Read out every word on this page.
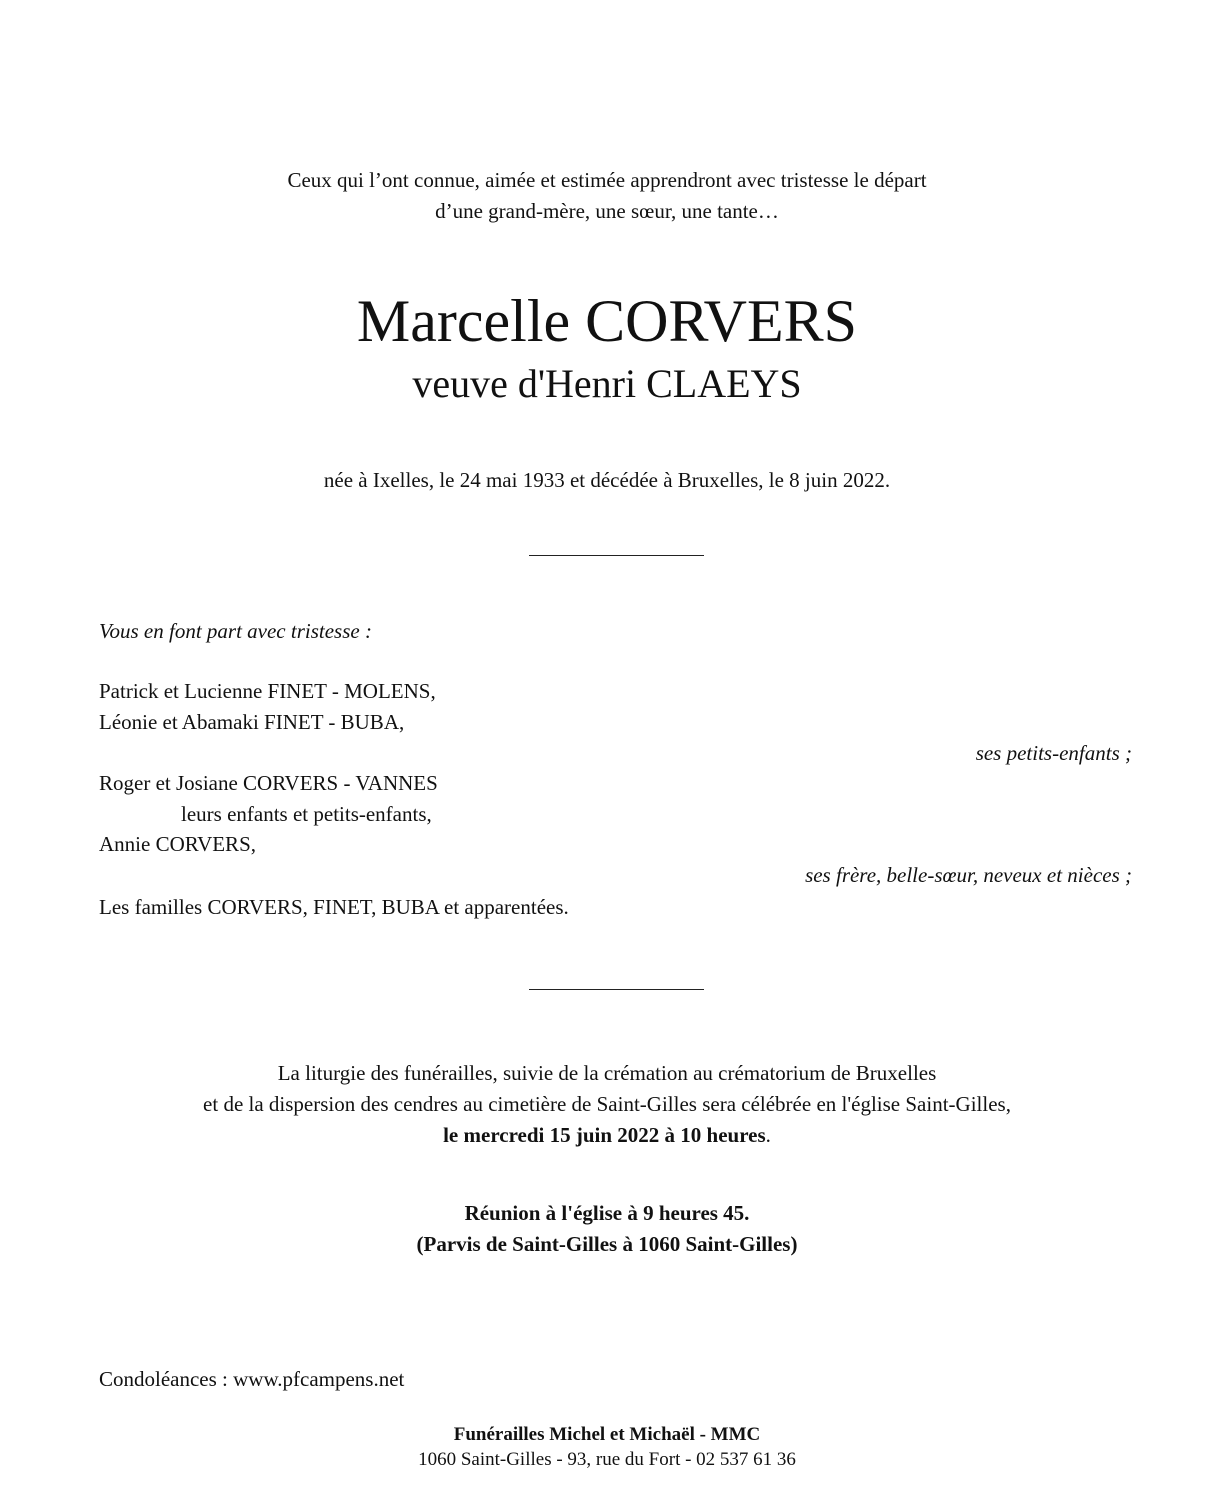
Ceux qui l’ont connue, aimée et estimée apprendront avec tristesse le départ
d’une grand-mère, une sœur, une tante…
Marcelle CORVERS
veuve d'Henri CLAEYS
née à Ixelles, le 24 mai 1933 et décédée à Bruxelles, le 8 juin 2022.
Vous en font part avec tristesse :
Patrick et Lucienne FINET - MOLENS,
Léonie et Abamaki FINET - BUBA,
ses petits-enfants ;
Roger et Josiane CORVERS - VANNES
leurs enfants et petits-enfants,
Annie CORVERS,
ses frère, belle-sœur, neveux et nièces ;
Les familles CORVERS, FINET, BUBA et apparentées.
La liturgie des funérailles, suivie de la crémation au crématorium de Bruxelles
et de la dispersion des cendres au cimetière de Saint-Gilles sera célébrée en l'église Saint-Gilles,
le mercredi 15 juin 2022 à 10 heures.
Réunion à l'église à 9 heures 45.
(Parvis de Saint-Gilles à 1060 Saint-Gilles)
Condoléances : www.pfcampens.net
Funérailles Michel et Michaël - MMC
1060 Saint-Gilles - 93, rue du Fort - 02 537 61 36
